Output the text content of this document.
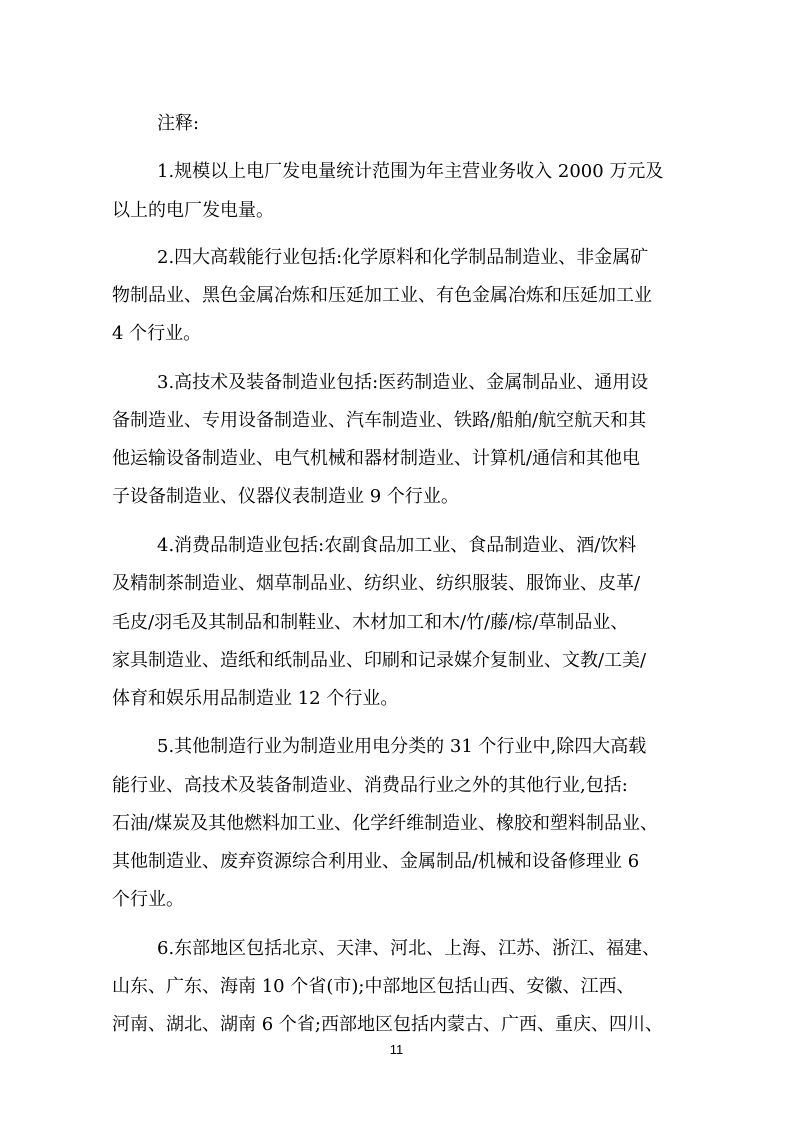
注释:
1.规模以上电厂发电量统计范围为年主营业务收入 2000 万元及
以上的电厂发电量。
2.四大高载能行业包括:化学原料和化学制品制造业、非金属矿
物制品业、黑色金属冶炼和压延加工业、有色金属冶炼和压延加工业
4 个行业。
3.高技术及装备制造业包括:医药制造业、金属制品业、通用设
备制造业、专用设备制造业、汽车制造业、铁路/船舶/航空航天和其
他运输设备制造业、电气机械和器材制造业、计算机/通信和其他电
子设备制造业、仪器仪表制造业 9 个行业。
4.消费品制造业包括:农副食品加工业、食品制造业、酒/饮料
及精制茶制造业、烟草制品业、纺织业、纺织服装、服饰业、皮革/
毛皮/羽毛及其制品和制鞋业、木材加工和木/竹/藤/棕/草制品业、
家具制造业、造纸和纸制品业、印刷和记录媒介复制业、文教/工美/
体育和娱乐用品制造业 12 个行业。
5.其他制造行业为制造业用电分类的 31 个行业中,除四大高载
能行业、高技术及装备制造业、消费品行业之外的其他行业,包括:
石油/煤炭及其他燃料加工业、化学纤维制造业、橡胶和塑料制品业、
其他制造业、废弃资源综合利用业、金属制品/机械和设备修理业 6
个行业。
6.东部地区包括北京、天津、河北、上海、江苏、浙江、福建、
山东、广东、海南 10 个省(市);中部地区包括山西、安徽、江西、
河南、湖北、湖南 6 个省;西部地区包括内蒙古、广西、重庆、四川、
11
